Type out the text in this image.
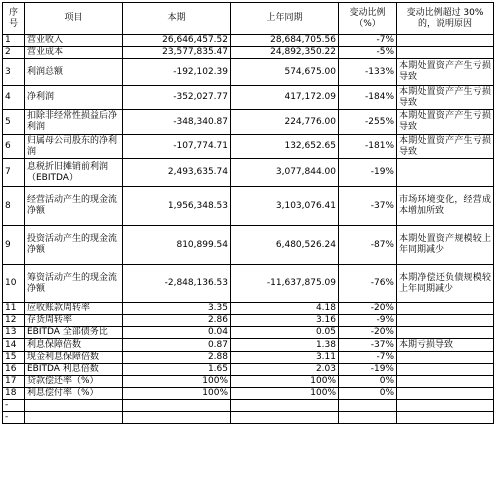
序号	项目	本期	上年同期	变动比例（%）	变动比例超过 30%的，说明原因
1	营业收入	26,646,457.52	28,684,705.56	-7%	
2	营业成本	23,577,835.47	24,892,350.22	-5%	
3	利润总额	-192,102.39	574,675.00	-133%	本期处置资产产生亏损导致
4	净利润	-352,027.77	417,172.09	-184%	本期处置资产产生亏损导致
5	扣除非经常性损益后净利润	-348,340.87	224,776.00	-255%	本期处置资产产生亏损导致
6	归属母公司股东的净利润	-107,774.71	132,652.65	-181%	本期处置资产产生亏损导致
7	息税折旧摊销前利润（EBITDA）	2,493,635.74	3,077,844.00	-19%	
8	经营活动产生的现金流净额	1,956,348.53	3,103,076.41	-37%	市场环境变化，经营成本增加所致
9	投资活动产生的现金流净额	810,899.54	6,480,526.24	-87%	本期处置资产规模较上年同期减少
10	筹资活动产生的现金流净额	-2,848,136.53	-11,637,875.09	-76%	本期净偿还负债规模较上年同期减少
11	应收账款周转率	3.35	4.18	-20%	
12	存货周转率	2.86	3.16	-9%	
13	EBITDA 全部债务比	0.04	0.05	-20%	
14	利息保障倍数	0.87	1.38	-37%	本期亏损导致
15	现金利息保障倍数	2.88	3.11	-7%	
16	EBITDA 利息倍数	1.65	2.03	-19%	
17	贷款偿还率（%）	100%	100%	0%	
18	利息偿付率（%）	100%	100%	0%	
-					
-					
